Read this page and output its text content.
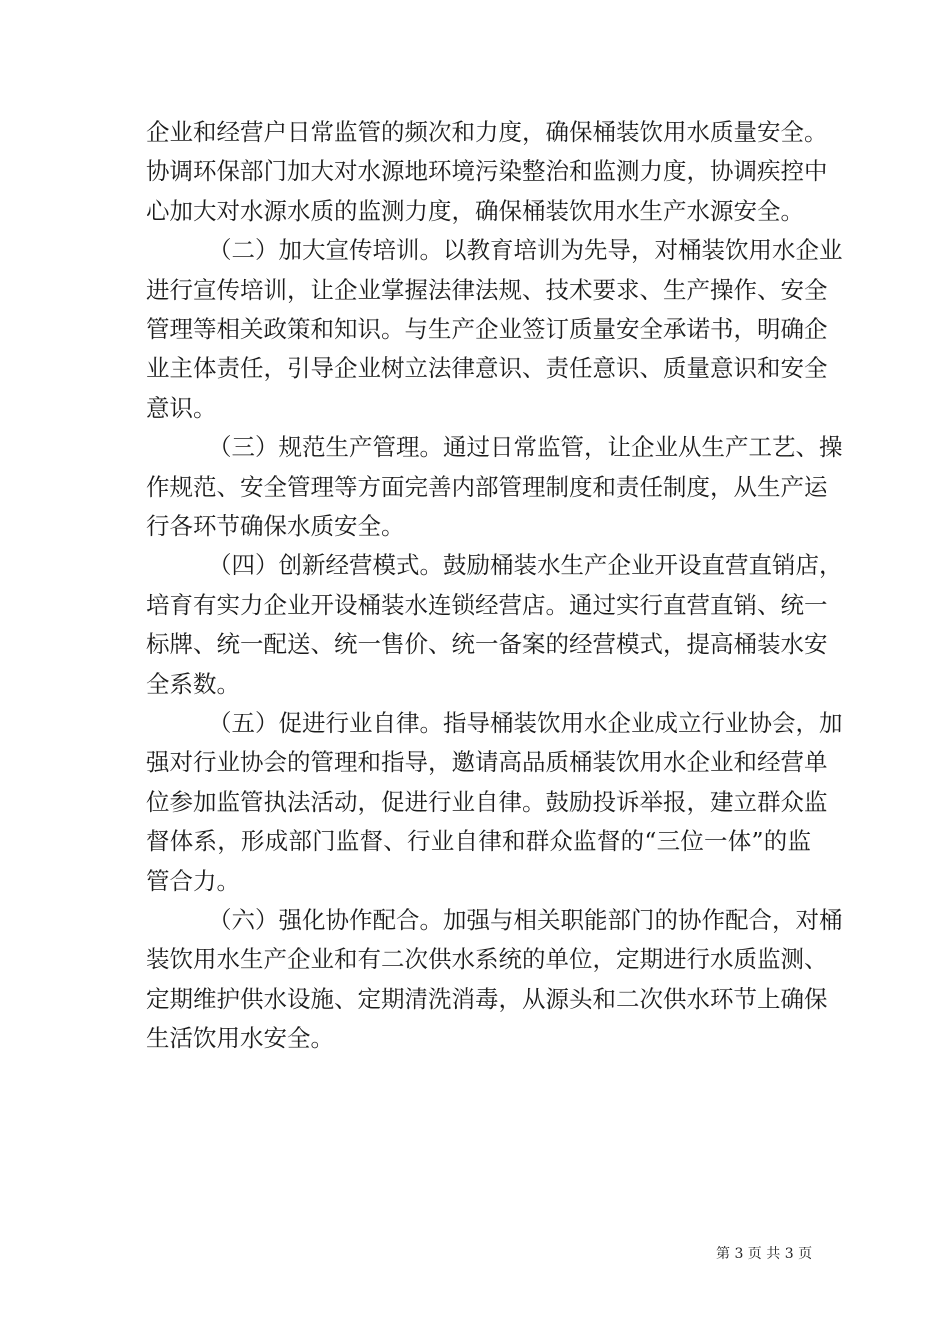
企业和经营户日常监管的频次和力度，确保桶装饮用水质量安全。
协调环保部门加大对水源地环境污染整治和监测力度，协调疾控中
心加大对水源水质的监测力度，确保桶装饮用水生产水源安全。
（二）加大宣传培训。以教育培训为先导，对桶装饮用水企业
进行宣传培训，让企业掌握法律法规、技术要求、生产操作、安全
管理等相关政策和知识。与生产企业签订质量安全承诺书，明确企
业主体责任，引导企业树立法律意识、责任意识、质量意识和安全
意识。
（三）规范生产管理。通过日常监管，让企业从生产工艺、操
作规范、安全管理等方面完善内部管理制度和责任制度，从生产运
行各环节确保水质安全。
（四）创新经营模式。鼓励桶装水生产企业开设直营直销店，
培育有实力企业开设桶装水连锁经营店。通过实行直营直销、统一
标牌、统一配送、统一售价、统一备案的经营模式，提高桶装水安
全系数。
（五）促进行业自律。指导桶装饮用水企业成立行业协会，加
强对行业协会的管理和指导，邀请高品质桶装饮用水企业和经营单
位参加监管执法活动，促进行业自律。鼓励投诉举报，建立群众监
督体系，形成部门监督、行业自律和群众监督的“三位一体”的监
管合力。
（六）强化协作配合。加强与相关职能部门的协作配合，对桶
装饮用水生产企业和有二次供水系统的单位，定期进行水质监测、
定期维护供水设施、定期清洗消毒，从源头和二次供水环节上确保
生活饮用水安全。
第 3 页 共 3 页
